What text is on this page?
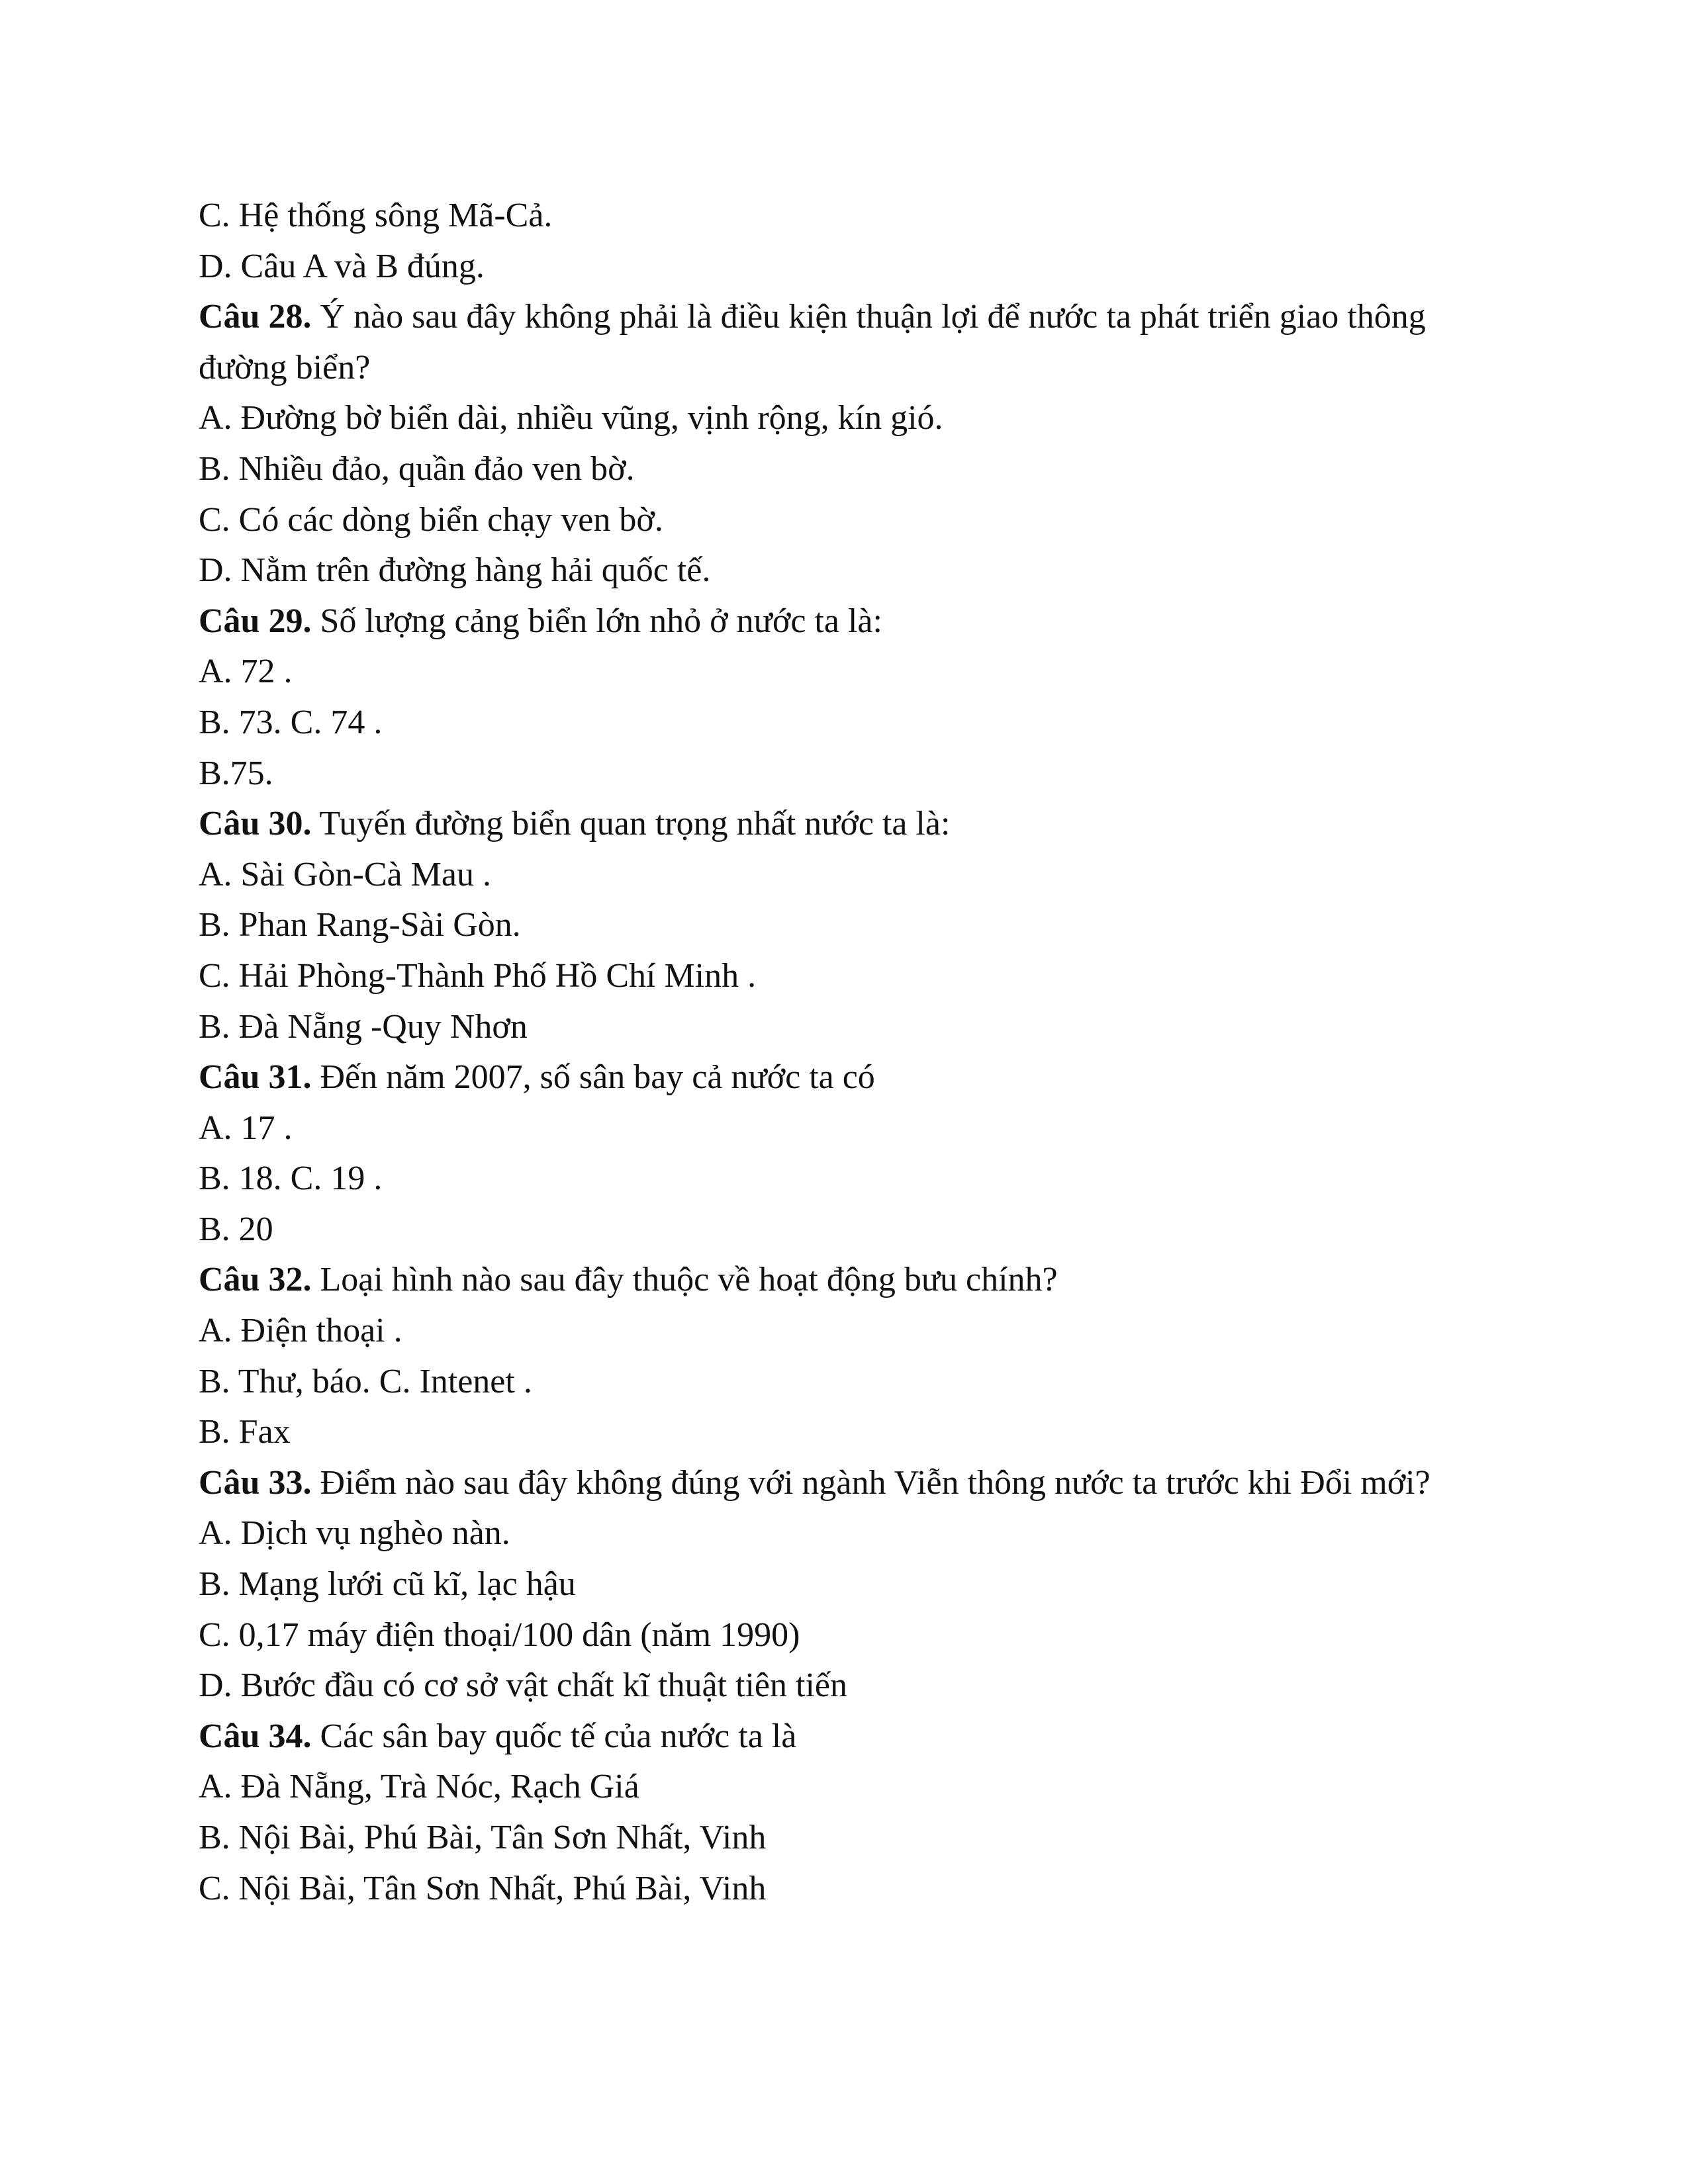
C. Hệ thống sông Mã-Cả.
D. Câu A và B đúng.
Câu 28. Ý nào sau đây không phải là điều kiện thuận lợi để nước ta phát triển giao thông đường biển?
A. Đường bờ biển dài, nhiều vũng, vịnh rộng, kín gió.
B. Nhiều đảo, quần đảo ven bờ.
C. Có các dòng biển chạy ven bờ.
D. Nằm trên đường hàng hải quốc tế.
Câu 29. Số lượng cảng biển lớn nhỏ ở nước ta là:
A. 72 .
B. 73. C. 74 .
B.75.
Câu 30. Tuyến đường biển quan trọng nhất nước ta là:
A. Sài Gòn-Cà Mau .
B. Phan Rang-Sài Gòn.
C. Hải Phòng-Thành Phố Hồ Chí Minh .
B. Đà Nẵng -Quy Nhơn
Câu 31. Đến năm 2007, số sân bay cả nước ta có
A. 17 .
B. 18. C. 19 .
B. 20
Câu 32. Loại hình nào sau đây thuộc về hoạt động bưu chính?
A. Điện thoại .
B. Thư, báo. C. Intenet .
B. Fax
Câu 33. Điểm nào sau đây không đúng với ngành Viễn thông nước ta trước khi Đổi mới?
A. Dịch vụ nghèo nàn.
B. Mạng lưới cũ kĩ, lạc hậu
C. 0,17 máy điện thoại/100 dân (năm 1990)
D. Bước đầu có cơ sở vật chất kĩ thuật tiên tiến
Câu 34. Các sân bay quốc tế của nước ta là
A. Đà Nẵng, Trà Nóc, Rạch Giá
B. Nội Bài, Phú Bài, Tân Sơn Nhất, Vinh
C. Nội Bài, Tân Sơn Nhất, Phú Bài, Vinh
